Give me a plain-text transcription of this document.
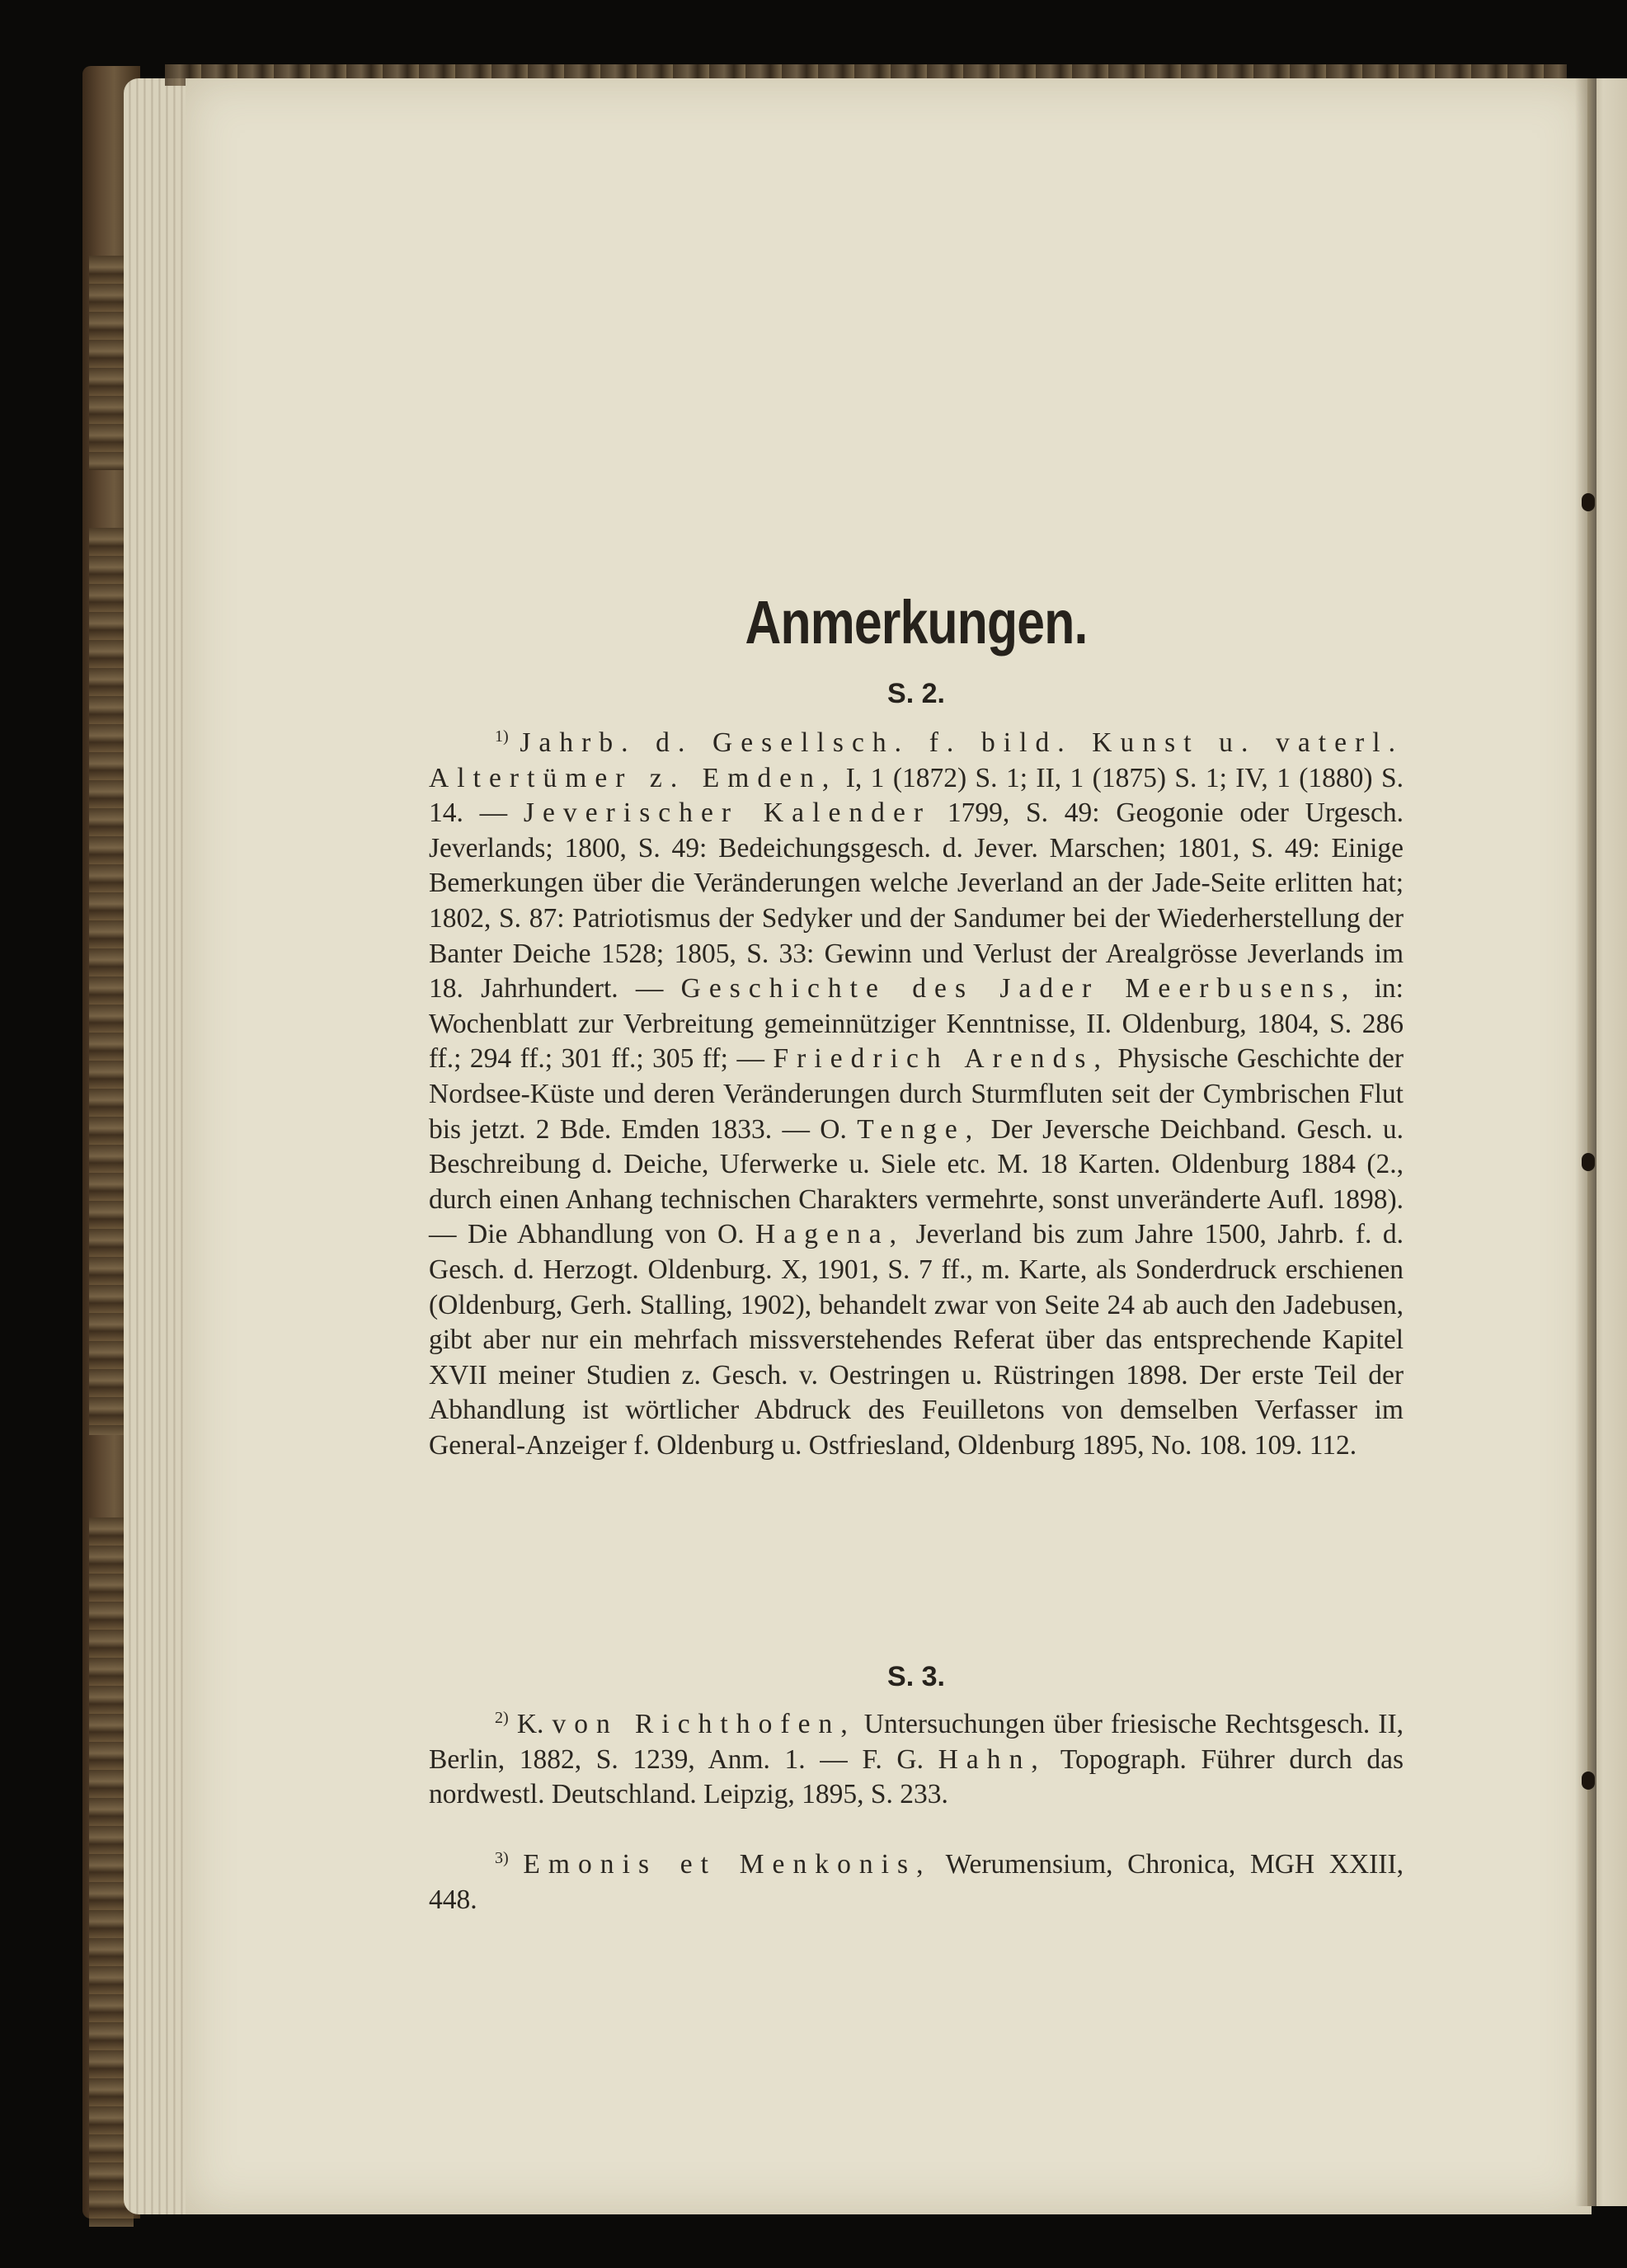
Anmerkungen.
S. 2.

$^{1)}$ Jahrb. d. Gesellsch. f. bild. Kunst u. vaterl. Altertümer z. Emden, I, 1 (1872) S. 1; II, 1 (1875) S. 1; IV, 1 (1880) S. 14. — Jeverischer Kalender 1799, S. 49: Geogonie oder Urgesch. Jeverlands; 1800, S. 49: Bedeichungsgesch. d. Jever. Marschen; 1801, S. 49: Einige Bemerkungen über die Veränderungen welche Jeverland an der Jade-Seite erlitten hat; 1802, S. 87: Patriotismus der Sedyker und der Sandumer bei der Wiederherstellung der Banter Deiche 1528; 1805, S. 33: Gewinn und Verlust der Arealgrösse Jeverlands im 18. Jahrhundert. — Geschichte des Jader Meerbusens, in: Wochenblatt zur Verbreitung gemeinnütziger Kenntnisse, II. Oldenburg, 1804, S. 286 ff.; 294 ff.; 301 ff.; 305 ff; — Friedrich Arends, Physische Geschichte der Nordsee-Küste und deren Veränderungen durch Sturmfluten seit der Cymbrischen Flut bis jetzt. 2 Bde. Emden 1833. — O. Tenge, Der Jeversche Deichband. Gesch. u. Beschreibung d. Deiche, Uferwerke u. Siele etc. M. 18 Karten. Oldenburg 1884 (2., durch einen Anhang technischen Charakters vermehrte, sonst unveränderte Aufl. 1898). — Die Abhandlung von O. Hagena, Jeverland bis zum Jahre 1500, Jahrb. f. d. Gesch. d. Herzogt. Oldenburg. X, 1901, S. 7 ff., m. Karte, als Sonderdruck erschienen (Oldenburg, Gerh. Stalling, 1902), behandelt zwar von Seite 24 ab auch den Jadebusen, gibt aber nur ein mehrfach missverstehendes Referat über das entsprechende Kapitel XVII meiner Studien z. Gesch. v. Oestringen u. Rüstringen 1898. Der erste Teil der Abhandlung ist wörtlicher Abdruck des Feuilletons von demselben Verfasser im General-Anzeiger f. Oldenburg u. Ostfriesland, Oldenburg 1895, No. 108. 109. 112.

S. 3.

$^{2)}$ K. von Richthofen, Untersuchungen über friesische Rechtsgesch. II, Berlin, 1882, S. 1239, Anm. 1. — F. G. Hahn, Topograph. Führer durch das nordwestl. Deutschland. Leipzig, 1895, S. 233.

$^{3)}$ Emonis et Menkonis, Werumensium, Chronica, MGH XXIII, 448.
